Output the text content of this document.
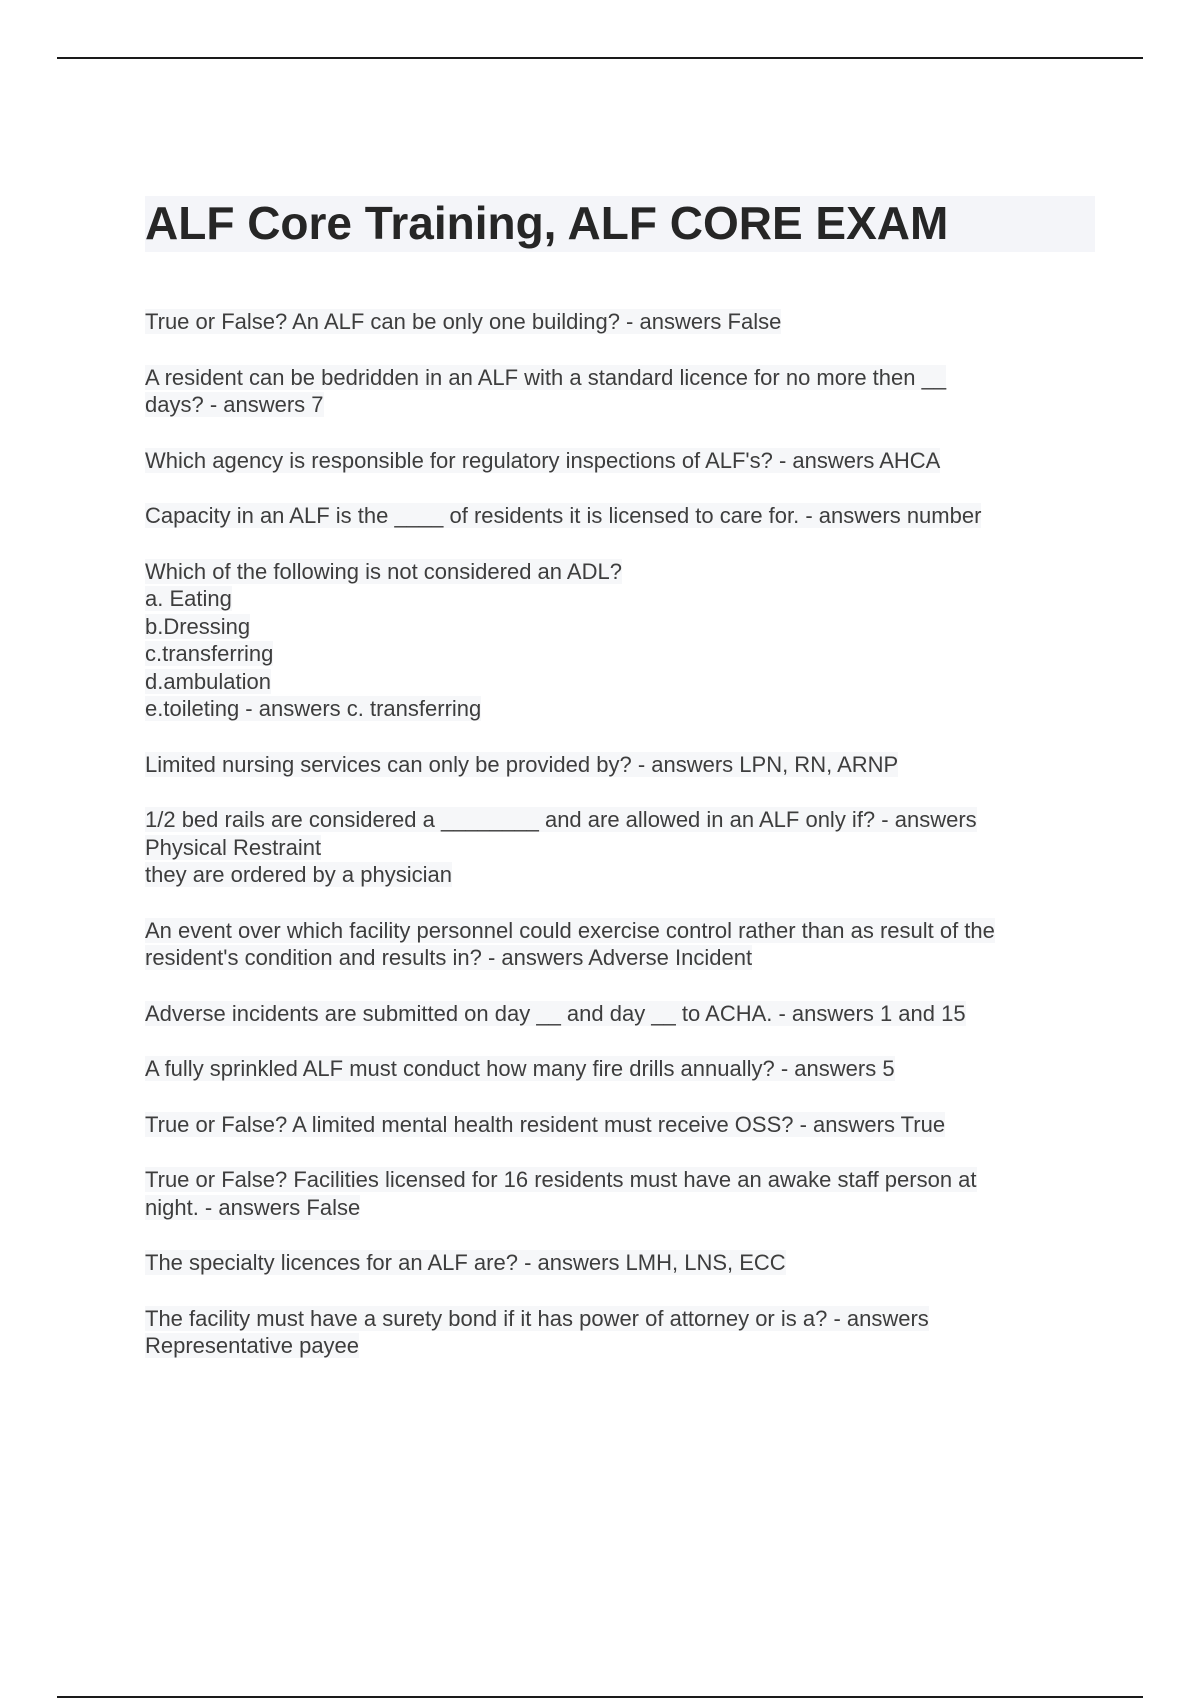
ALF Core Training, ALF CORE EXAM
True or False? An ALF can be only one building? - answers False
A resident can be bedridden in an ALF with a standard licence for no more then __
days? - answers 7
Which agency is responsible for regulatory inspections of ALF's? - answers AHCA
Capacity in an ALF is the ____ of residents it is licensed to care for. - answers number
Which of the following is not considered an ADL?
a. Eating
b.Dressing
c.transferring
d.ambulation
e.toileting - answers c. transferring
Limited nursing services can only be provided by? - answers LPN, RN, ARNP
1/2 bed rails are considered a ________ and are allowed in an ALF only if? - answers
Physical Restraint
they are ordered by a physician
An event over which facility personnel could exercise control rather than as result of the
resident's condition and results in? - answers Adverse Incident
Adverse incidents are submitted on day __ and day __ to ACHA. - answers 1 and 15
A fully sprinkled ALF must conduct how many fire drills annually? - answers 5
True or False? A limited mental health resident must receive OSS? - answers True
True or False? Facilities licensed for 16 residents must have an awake staff person at
night. - answers False
The specialty licences for an ALF are? - answers LMH, LNS, ECC
The facility must have a surety bond if it has power of attorney or is a? - answers
Representative payee
